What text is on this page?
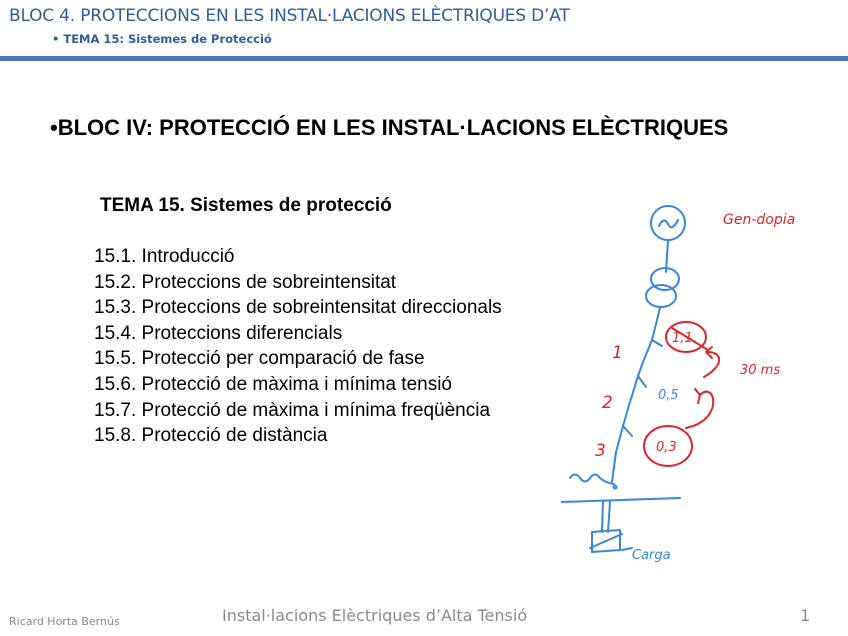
BLOC 4. PROTECCIONS EN LES INSTAL·LACIONS ELÈCTRIQUES D’AT
• TEMA 15: Sistemes de Protecció
•BLOC IV: PROTECCIÓ EN LES INSTAL·LACIONS ELÈCTRIQUES
TEMA 15. Sistemes de protecció
15.1. Introducció
15.2. Proteccions de sobreintensitat
15.3. Proteccions de sobreintensitat direccionals
15.4. Proteccions diferencials
15.5. Protecció per comparació de fase
15.6. Protecció de màxima i mínima tensió
15.7. Protecció de màxima i mínima freqüència
15.8. Protecció de distància
Carga
Gen-dopia
1
2
3
1,1
0,3
30 ms
0,5
Ricard Horta Bernús	Instal·lacions Elèctriques d’Alta Tensió	1
